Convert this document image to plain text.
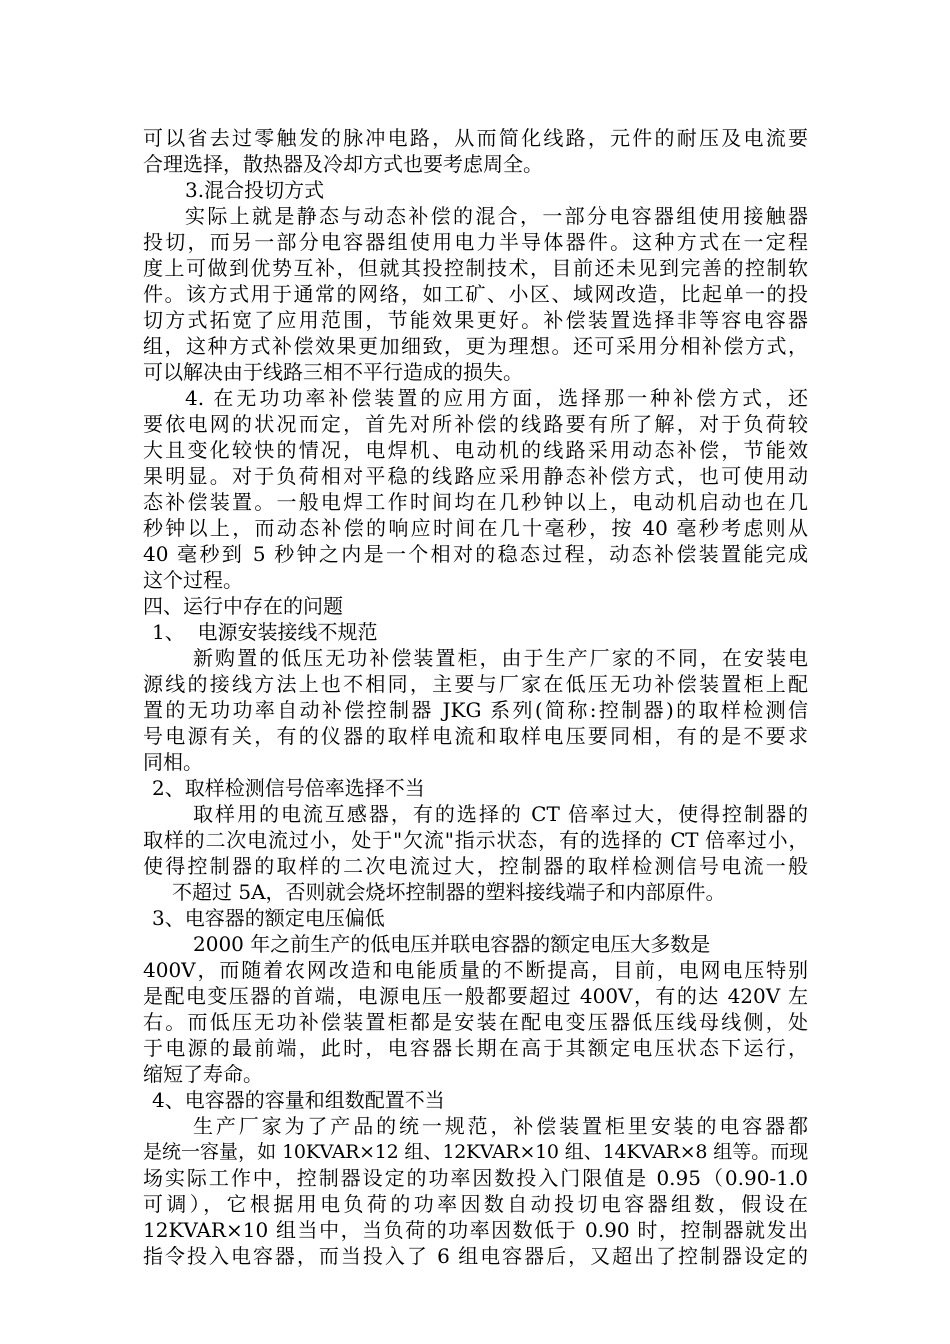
可以省去过零触发的脉冲电路，从而简化线路，元件的耐压及电流要
合理选择，散热器及冷却方式也要考虑周全。
3.混合投切方式
实际上就是静态与动态补偿的混合，一部分电容器组使用接触器
投切，而另一部分电容器组使用电力半导体器件。这种方式在一定程
度上可做到优势互补，但就其投控制技术，目前还未见到完善的控制软
件。该方式用于通常的网络，如工矿、小区、域网改造，比起单一的投
切方式拓宽了应用范围，节能效果更好。补偿装置选择非等容电容器
组，这种方式补偿效果更加细致，更为理想。还可采用分相补偿方式，
可以解决由于线路三相不平行造成的损失。
4. 在无功功率补偿装置的应用方面，选择那一种补偿方式，还
要依电网的状况而定，首先对所补偿的线路要有所了解，对于负荷较
大且变化较快的情况，电焊机、电动机的线路采用动态补偿，节能效
果明显。对于负荷相对平稳的线路应采用静态补偿方式，也可使用动
态补偿装置。一般电焊工作时间均在几秒钟以上，电动机启动也在几
秒钟以上，而动态补偿的响应时间在几十毫秒，按 40 毫秒考虑则从
40 毫秒到 5 秒钟之内是一个相对的稳态过程，动态补偿装置能完成
这个过程。
四、运行中存在的问题
1、  电源安装接线不规范
新购置的低压无功补偿装置柜，由于生产厂家的不同，在安装电
源线的接线方法上也不相同，主要与厂家在低压无功补偿装置柜上配
置的无功功率自动补偿控制器 JKG 系列(简称:控制器)的取样检测信
号电源有关，有的仪器的取样电流和取样电压要同相，有的是不要求
同相。
2、取样检测信号倍率选择不当
取样用的电流互感器，有的选择的 CT 倍率过大，使得控制器的
取样的二次电流过小，处于"欠流"指示状态，有的选择的 CT 倍率过小，
使得控制器的取样的二次电流过大，控制器的取样检测信号电流一般
不超过 5A，否则就会烧坏控制器的塑料接线端子和内部原件。
3、电容器的额定电压偏低
2000 年之前生产的低电压并联电容器的额定电压大多数是
400V，而随着农网改造和电能质量的不断提高，目前，电网电压特别
是配电变压器的首端，电源电压一般都要超过 400V，有的达 420V 左
右。而低压无功补偿装置柜都是安装在配电变压器低压线母线侧，处
于电源的最前端，此时，电容器长期在高于其额定电压状态下运行，
缩短了寿命。
4、电容器的容量和组数配置不当
生产厂家为了产品的统一规范，补偿装置柜里安装的电容器都
是统一容量，如 10KVAR×12 组、12KVAR×10 组、14KVAR×8 组等。而现
场实际工作中，控制器设定的功率因数投入门限值是 0.95（0.90-1.0
可调），它根据用电负荷的功率因数自动投切电容器组数，假设在
12KVAR×10 组当中，当负荷的功率因数低于 0.90 时，控制器就发出
指令投入电容器，而当投入了 6 组电容器后，又超出了控制器设定的
